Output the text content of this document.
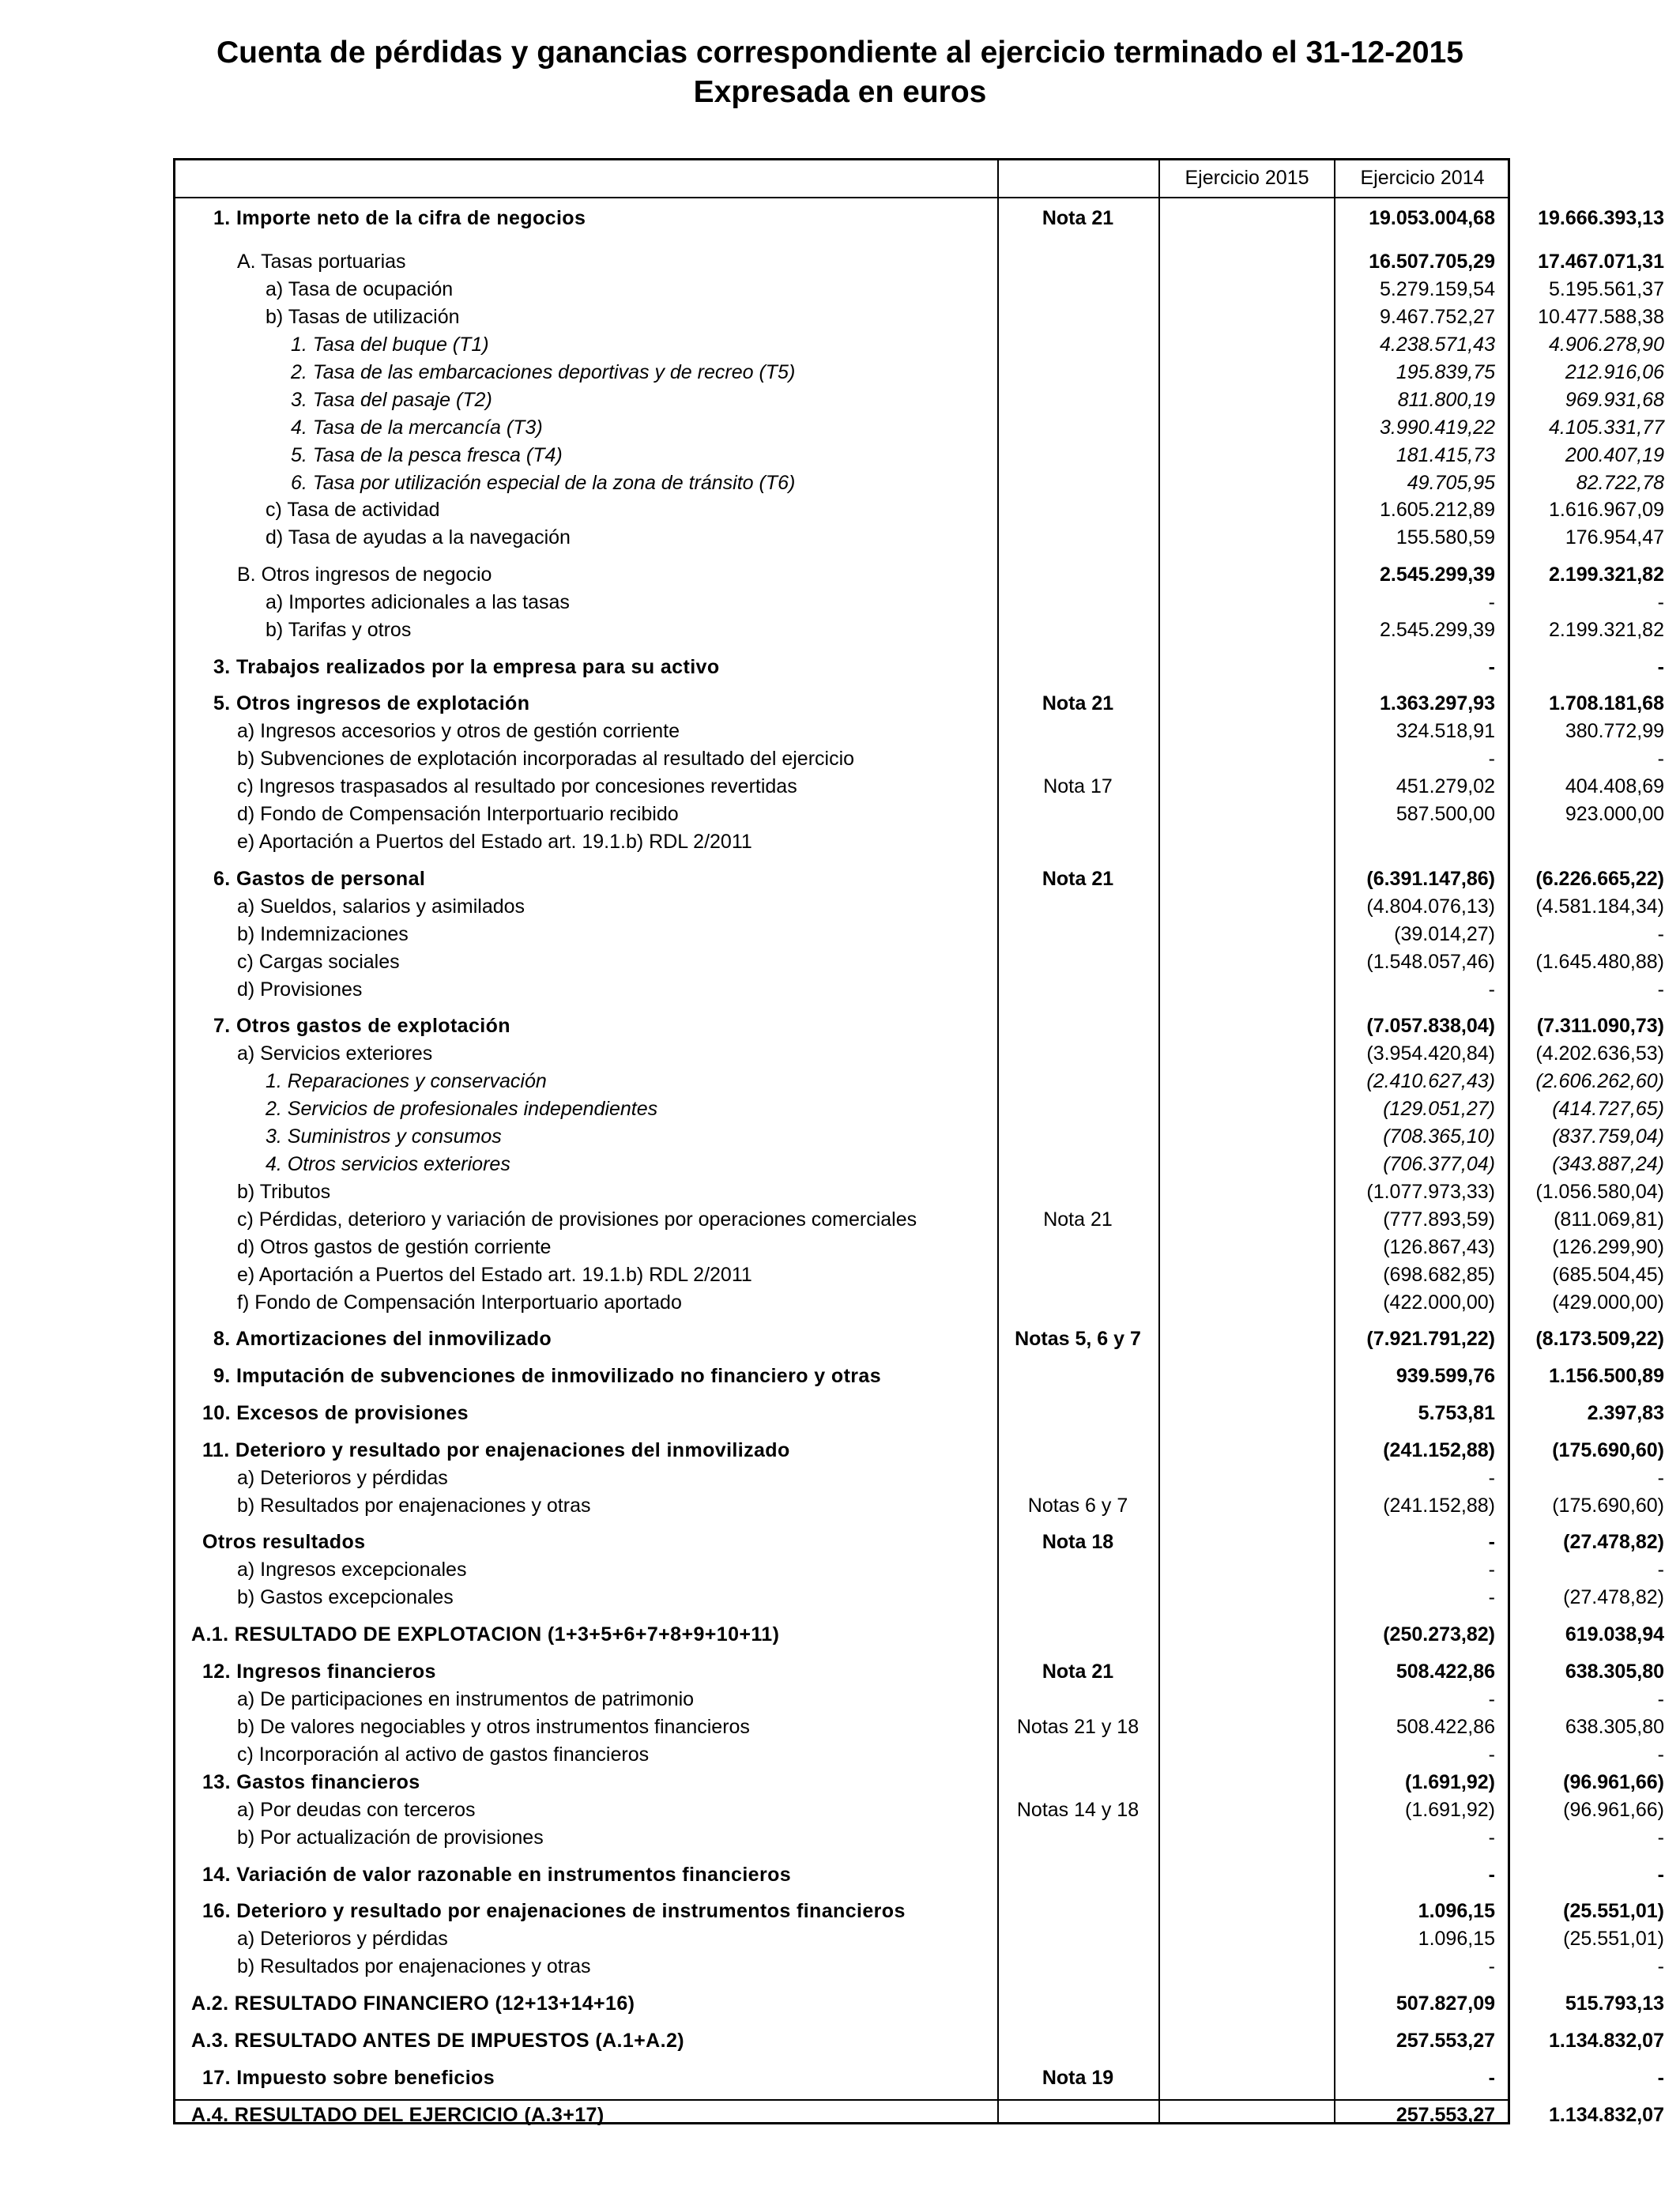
Cuenta de pérdidas y ganancias correspondiente al ejercicio terminado el 31-12-2015
Expresada en euros
Ejercicio 2015	Ejercicio 2014
1. Importe neto de la cifra de negocios	Nota 21	19.053.004,68	19.666.393,13
A. Tasas portuarias	16.507.705,29	17.467.071,31
a) Tasa de ocupación	5.279.159,54	5.195.561,37
b) Tasas de utilización	9.467.752,27	10.477.588,38
1. Tasa del buque (T1)	4.238.571,43	4.906.278,90
2. Tasa de las embarcaciones deportivas y de recreo (T5)	195.839,75	212.916,06
3. Tasa del pasaje (T2)	811.800,19	969.931,68
4. Tasa de la mercancía (T3)	3.990.419,22	4.105.331,77
5. Tasa de la pesca fresca (T4)	181.415,73	200.407,19
6. Tasa por utilización especial de la zona de tránsito (T6)	49.705,95	82.722,78
c) Tasa de actividad	1.605.212,89	1.616.967,09
d) Tasa de ayudas a la navegación	155.580,59	176.954,47
B. Otros ingresos de negocio	2.545.299,39	2.199.321,82
a) Importes adicionales a las tasas	-	-
b) Tarifas y otros	2.545.299,39	2.199.321,82
3. Trabajos realizados por la empresa para su activo	-	-
5. Otros ingresos de explotación	Nota 21	1.363.297,93	1.708.181,68
a) Ingresos accesorios y otros de gestión corriente	324.518,91	380.772,99
b) Subvenciones de explotación incorporadas al resultado del ejercicio	-	-
c) Ingresos traspasados al resultado por concesiones revertidas	Nota 17	451.279,02	404.408,69
d) Fondo de Compensación Interportuario recibido	587.500,00	923.000,00
e) Aportación a Puertos del Estado art. 19.1.b) RDL 2/2011
6. Gastos de personal	Nota 21	(6.391.147,86)	(6.226.665,22)
a) Sueldos, salarios y asimilados	(4.804.076,13)	(4.581.184,34)
b) Indemnizaciones	(39.014,27)	-
c) Cargas sociales	(1.548.057,46)	(1.645.480,88)
d) Provisiones	-	-
7. Otros gastos de explotación	(7.057.838,04)	(7.311.090,73)
a) Servicios exteriores	(3.954.420,84)	(4.202.636,53)
1. Reparaciones y conservación	(2.410.627,43)	(2.606.262,60)
2. Servicios de profesionales independientes	(129.051,27)	(414.727,65)
3. Suministros y consumos	(708.365,10)	(837.759,04)
4. Otros servicios exteriores	(706.377,04)	(343.887,24)
b) Tributos	(1.077.973,33)	(1.056.580,04)
c) Pérdidas, deterioro y variación de provisiones por operaciones comerciales	Nota 21	(777.893,59)	(811.069,81)
d) Otros gastos de gestión corriente	(126.867,43)	(126.299,90)
e) Aportación a Puertos del Estado art. 19.1.b) RDL 2/2011	(698.682,85)	(685.504,45)
f) Fondo de Compensación Interportuario aportado	(422.000,00)	(429.000,00)
8. Amortizaciones del inmovilizado	Notas 5, 6 y 7	(7.921.791,22)	(8.173.509,22)
9. Imputación de subvenciones de inmovilizado no financiero y otras	939.599,76	1.156.500,89
10. Excesos de provisiones	5.753,81	2.397,83
11. Deterioro y resultado por enajenaciones del inmovilizado	(241.152,88)	(175.690,60)
a) Deterioros y pérdidas	-	-
b) Resultados por enajenaciones y otras	Notas 6 y 7	(241.152,88)	(175.690,60)
Otros resultados	Nota 18	-	(27.478,82)
a) Ingresos excepcionales	-	-
b) Gastos excepcionales	-	(27.478,82)
A.1. RESULTADO DE EXPLOTACION (1+3+5+6+7+8+9+10+11)	(250.273,82)	619.038,94
12. Ingresos financieros	Nota 21	508.422,86	638.305,80
a) De participaciones en instrumentos de patrimonio	-	-
b) De valores negociables y otros instrumentos financieros	Notas 21 y 18	508.422,86	638.305,80
c) Incorporación al activo de gastos financieros	-	-
13. Gastos financieros	(1.691,92)	(96.961,66)
a) Por deudas con terceros	Notas 14 y 18	(1.691,92)	(96.961,66)
b) Por actualización de provisiones	-	-
14. Variación de valor razonable en instrumentos financieros	-	-
16. Deterioro y resultado por enajenaciones de instrumentos financieros	1.096,15	(25.551,01)
a) Deterioros y pérdidas	1.096,15	(25.551,01)
b) Resultados por enajenaciones y otras	-	-
A.2. RESULTADO FINANCIERO (12+13+14+16)	507.827,09	515.793,13
A.3. RESULTADO ANTES DE IMPUESTOS (A.1+A.2)	257.553,27	1.134.832,07
17. Impuesto sobre beneficios	Nota 19	-	-
A.4. RESULTADO DEL EJERCICIO (A.3+17)	257.553,27	1.134.832,07
